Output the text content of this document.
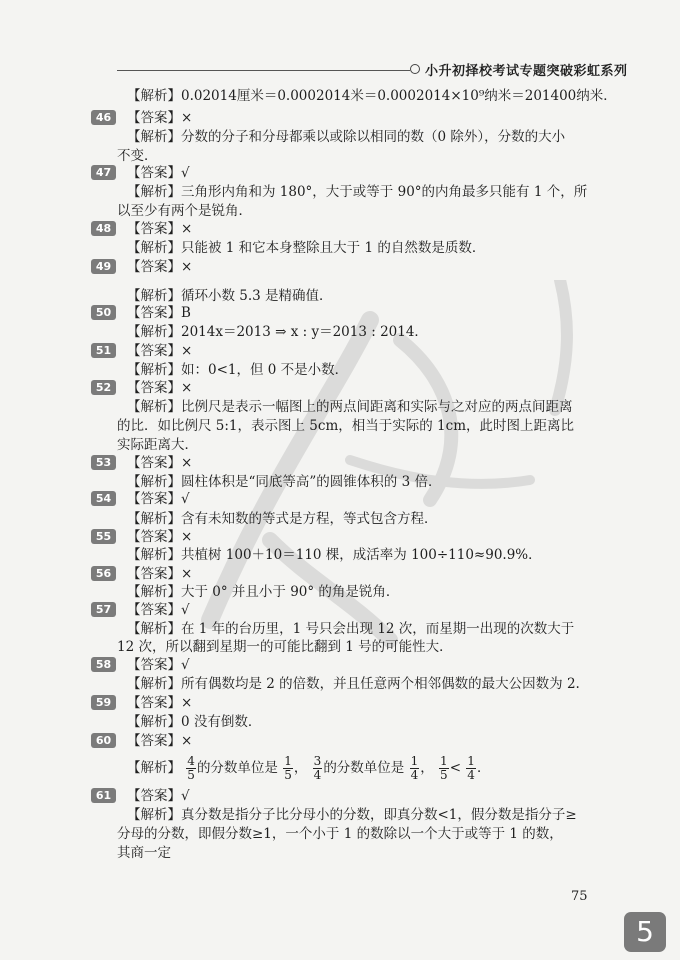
小升初择校考试专题突破彩虹系列
【解析】0.02014厘米＝0.0002014米＝0.0002014×10⁹纳米＝201400纳米．
46	【答案】×
【解析】分数的分子和分母都乘以或除以相同的数（0 除外），分数的大小
不变．
47	【答案】√
【解析】三角形内角和为 180°，大于或等于 90°的内角最多只能有 1 个，所
以至少有两个是锐角．
48	【答案】×
【解析】只能被 1 和它本身整除且大于 1 的自然数是质数．
49	【答案】×
【解析】循环小数 5.3 是精确值．
50	【答案】B
【解析】2014x＝2013 ⇒ x : y＝2013 : 2014．
51	【答案】×
【解析】如：0<1，但 0 不是小数．
52	【答案】×
【解析】比例尺是表示一幅图上的两点间距离和实际与之对应的两点间距离
的比．如比例尺 5:1，表示图上 5cm，相当于实际的 1cm，此时图上距离比
实际距离大．
53	【答案】×
【解析】圆柱体积是“同底等高”的圆锥体积的 3 倍．
54	【答案】√
【解析】含有未知数的等式是方程，等式包含方程．
55	【答案】×
【解析】共植树 100＋10＝110 棵，成活率为 100÷110≈90.9%．
56	【答案】×
【解析】大于 0° 并且小于 90° 的角是锐角．
57	【答案】√
【解析】在 1 年的台历里，1 号只会出现 12 次，而星期一出现的次数大于
12 次，所以翻到星期一的可能比翻到 1 号的可能性大．
58	【答案】√
【解析】所有偶数均是 2 的倍数，并且任意两个相邻偶数的最大公因数为 2.
59	【答案】×
【解析】0 没有倒数．
60	【答案】×
61	【答案】√
【解析】真分数是指分子比分母小的分数，即真分数<1，假分数是指分子≥
分母的分数，即假分数≥1，一个小于 1 的数除以一个大于或等于 1 的数，
其商一定
【解析】 $\frac{4}{5}$ 的分数单位是 $\frac{1}{5}$ ， $\frac{3}{4}$ 的分数单位是 $\frac{1}{4}$ ， $\frac{1}{5} < \frac{1}{4}$ ．
75
5
